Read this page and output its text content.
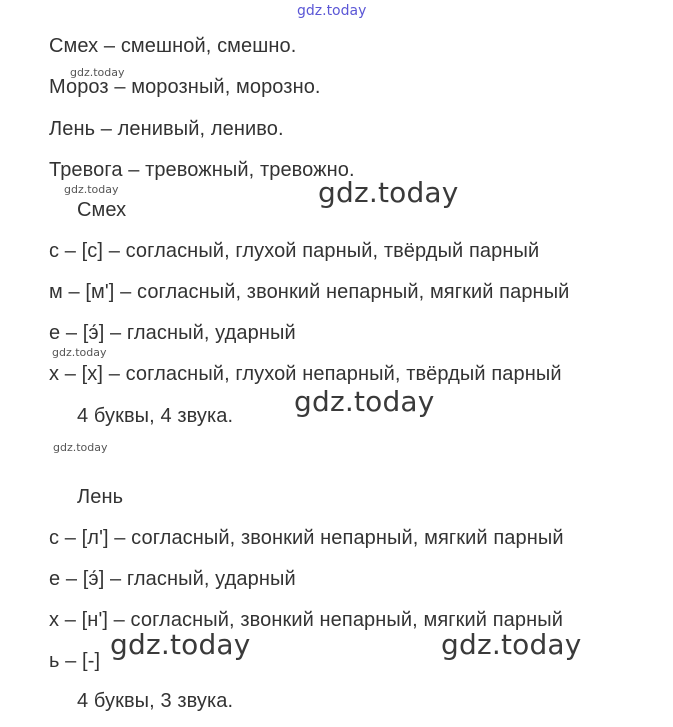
gdz.today
gdz.today
gdz.today
gdz.today
gdz.today
gdz.today
gdz.today
gdz.today	gdz.today
Смех – смешной, смешно.
Мороз – морозный, морозно.
Лень – ленивый, лениво.
Тревога – тревожный, тревожно.
Смех
с – [с] – согласный, глухой парный, твёрдый парный
м – [м'] – согласный, звонкий непарный, мягкий парный
е – [э́] – гласный, ударный
х – [х] – согласный, глухой непарный, твёрдый парный
4 буквы, 4 звука.
Лень
с – [л'] – согласный, звонкий непарный, мягкий парный
е – [э́] – гласный, ударный
х – [н'] – согласный, звонкий непарный, мягкий парный
ь – [-]
4 буквы, 3 звука.
